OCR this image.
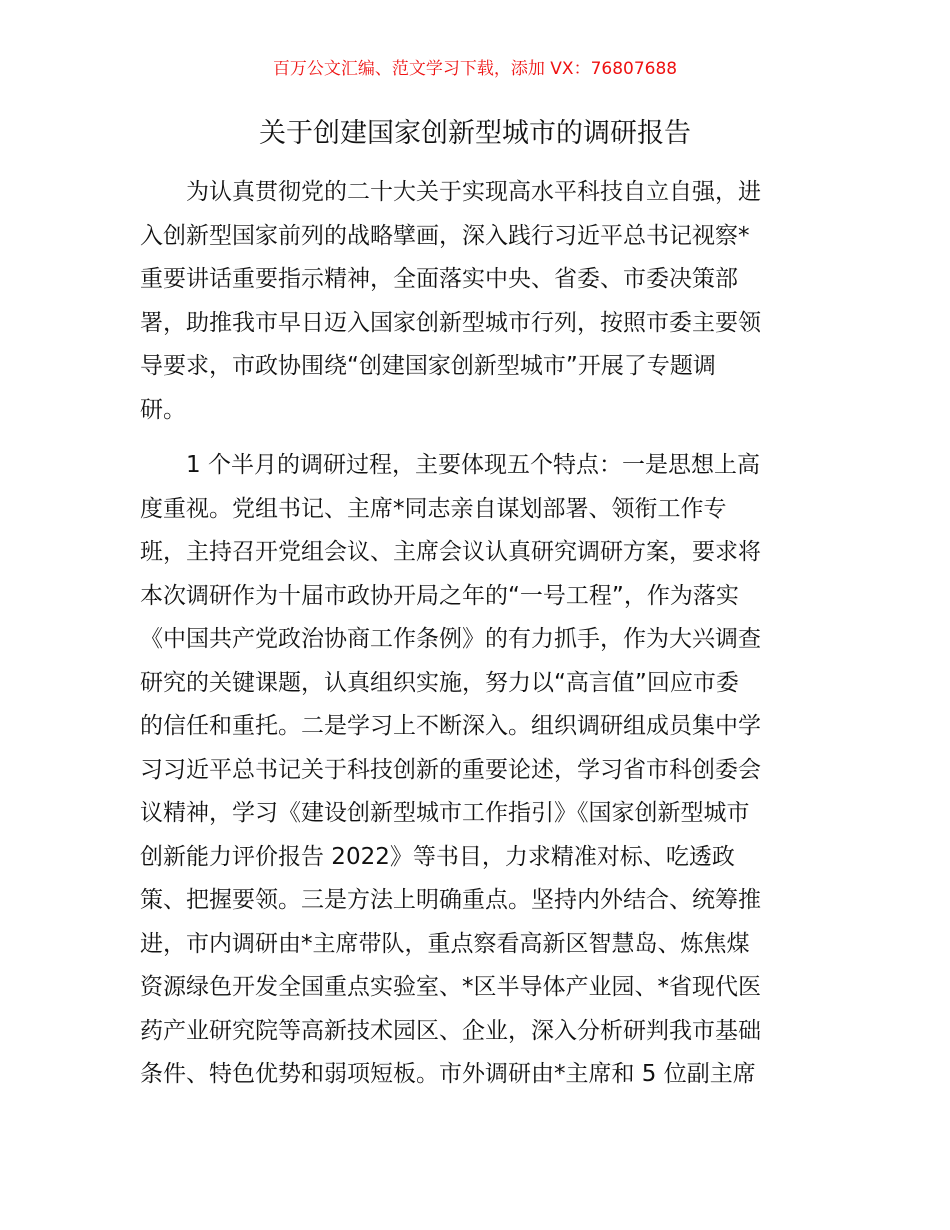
百万公文汇编、范文学习下载，添加 VX：76807688
关于创建国家创新型城市的调研报告
为认真贯彻党的二十大关于实现高水平科技自立自强，进
入创新型国家前列的战略擘画，深入践行习近平总书记视察*
重要讲话重要指示精神，全面落实中央、省委、市委决策部
署，助推我市早日迈入国家创新型城市行列，按照市委主要领
导要求，市政协围绕“创建国家创新型城市”开展了专题调
研。
1 个半月的调研过程，主要体现五个特点：一是思想上高
度重视。党组书记、主席*同志亲自谋划部署、领衔工作专
班，主持召开党组会议、主席会议认真研究调研方案，要求将
本次调研作为十届市政协开局之年的“一号工程”，作为落实
《中国共产党政治协商工作条例》的有力抓手，作为大兴调查
研究的关键课题，认真组织实施，努力以“高言值”回应市委
的信任和重托。二是学习上不断深入。组织调研组成员集中学
习习近平总书记关于科技创新的重要论述，学习省市科创委会
议精神，学习《建设创新型城市工作指引》《国家创新型城市
创新能力评价报告 2022》等书目，力求精准对标、吃透政
策、把握要领。三是方法上明确重点。坚持内外结合、统筹推
进，市内调研由*主席带队，重点察看高新区智慧岛、炼焦煤
资源绿色开发全国重点实验室、*区半导体产业园、*省现代医
药产业研究院等高新技术园区、企业，深入分析研判我市基础
条件、特色优势和弱项短板。市外调研由*主席和 5 位副主席
